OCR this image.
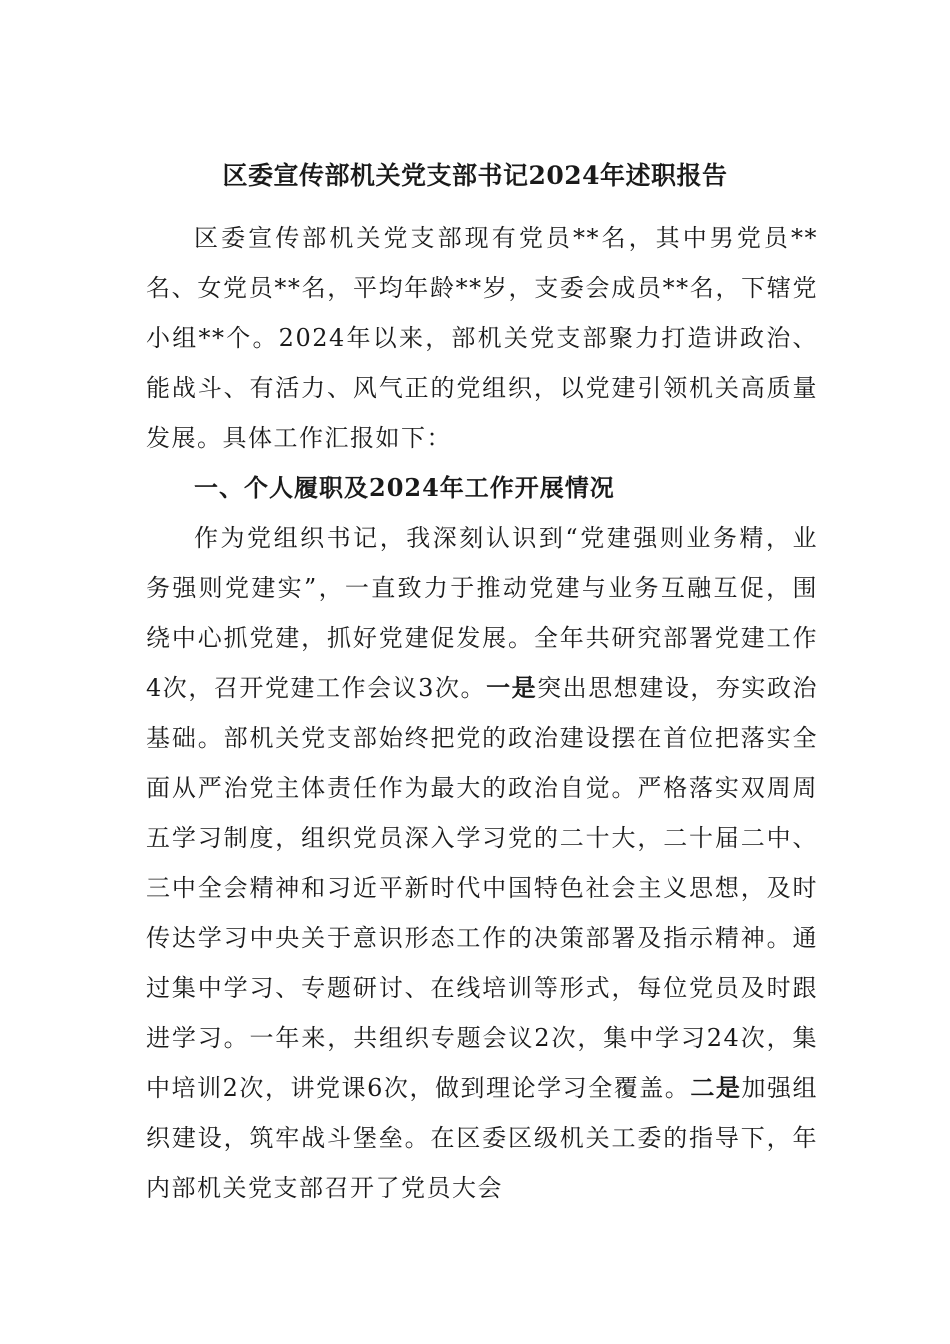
区委宣传部机关党支部书记2024年述职报告

区委宣传部机关党支部现有党员**名，其中男党员**名、女党员**名，平均年龄**岁，支委会成员**名，下辖党小组**个。2024年以来，部机关党支部聚力打造讲政治、能战斗、有活力、风气正的党组织，以党建引领机关高质量发展。具体工作汇报如下：

一、个人履职及2024年工作开展情况

作为党组织书记，我深刻认识到“党建强则业务精，业务强则党建实”，一直致力于推动党建与业务互融互促，围绕中心抓党建，抓好党建促发展。全年共研究部署党建工作4次，召开党建工作会议3次。一是突出思想建设，夯实政治基础。部机关党支部始终把党的政治建设摆在首位把落实全面从严治党主体责任作为最大的政治自觉。严格落实双周周五学习制度，组织党员深入学习党的二十大，二十届二中、三中全会精神和习近平新时代中国特色社会主义思想，及时传达学习中央关于意识形态工作的决策部署及指示精神。通过集中学习、专题研讨、在线培训等形式，每位党员及时跟进学习。一年来，共组织专题会议2次，集中学习24次，集中培训2次，讲党课6次，做到理论学习全覆盖。二是加强组织建设，筑牢战斗堡垒。在区委区级机关工委的指导下，年内部机关党支部召开了党员大会
